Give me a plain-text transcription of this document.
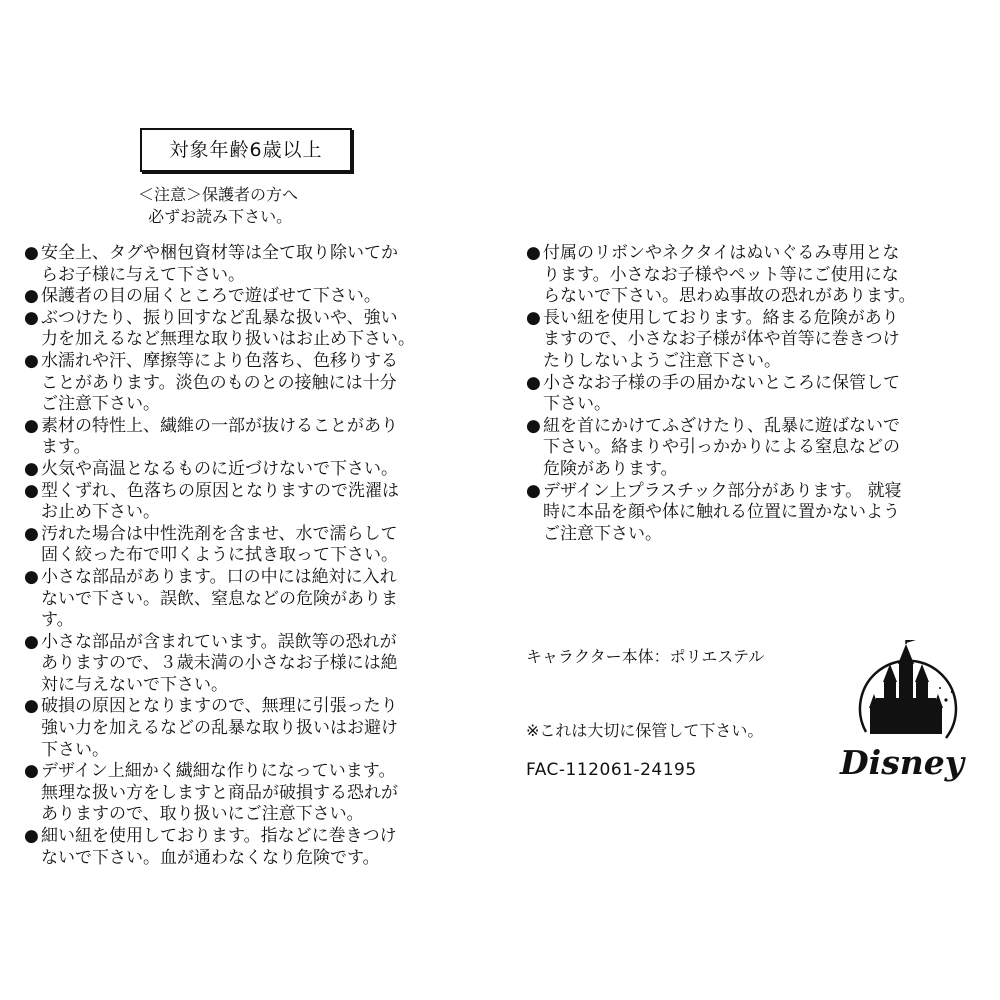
対象年齢6歳以上
＜注意＞保護者の方へ
必ずお読み下さい。
● 安全上、タグや梱包資材等は全て取り除いてか
らお子様に与えて下さい。
● 保護者の目の届くところで遊ばせて下さい。
● ぶつけたり、振り回すなど乱暴な扱いや、強い
力を加えるなど無理な取り扱いはお止め下さい。
● 水濡れや汗、摩擦等により色落ち、色移りする
ことがあります。淡色のものとの接触には十分
ご注意下さい。
● 素材の特性上、繊維の一部が抜けることがあり
ます。
● 火気や高温となるものに近づけないで下さい。
● 型くずれ、色落ちの原因となりますので洗濯は
お止め下さい。
● 汚れた場合は中性洗剤を含ませ、水で濡らして
固く絞った布で叩くように拭き取って下さい。
● 小さな部品があります。口の中には絶対に入れ
ないで下さい。誤飲、窒息などの危険がありま
す。
● 小さな部品が含まれています。誤飲等の恐れが
ありますので、３歳未満の小さなお子様には絶
対に与えないで下さい。
● 破損の原因となりますので、無理に引張ったり
強い力を加えるなどの乱暴な取り扱いはお避け
下さい。
● デザイン上細かく繊細な作りになっています。
無理な扱い方をしますと商品が破損する恐れが
ありますので、取り扱いにご注意下さい。
● 細い紐を使用しております。指などに巻きつけ
ないで下さい。血が通わなくなり危険です。
● 付属のリボンやネクタイはぬいぐるみ専用とな
ります。小さなお子様やペット等にご使用にな
らないで下さい。思わぬ事故の恐れがあります。
● 長い紐を使用しております。絡まる危険があり
ますので、小さなお子様が体や首等に巻きつけ
たりしないようご注意下さい。
● 小さなお子様の手の届かないところに保管して
下さい。
● 紐を首にかけてふざけたり、乱暴に遊ばないで
下さい。絡まりや引っかかりによる窒息などの
危険があります。
● デザイン上プラスチック部分があります。 就寝
時に本品を顔や体に触れる位置に置かないよう
ご注意下さい。
キャラクター本体：ポリエステル
※これは大切に保管して下さい。
FAC-112061-24195	Disney
